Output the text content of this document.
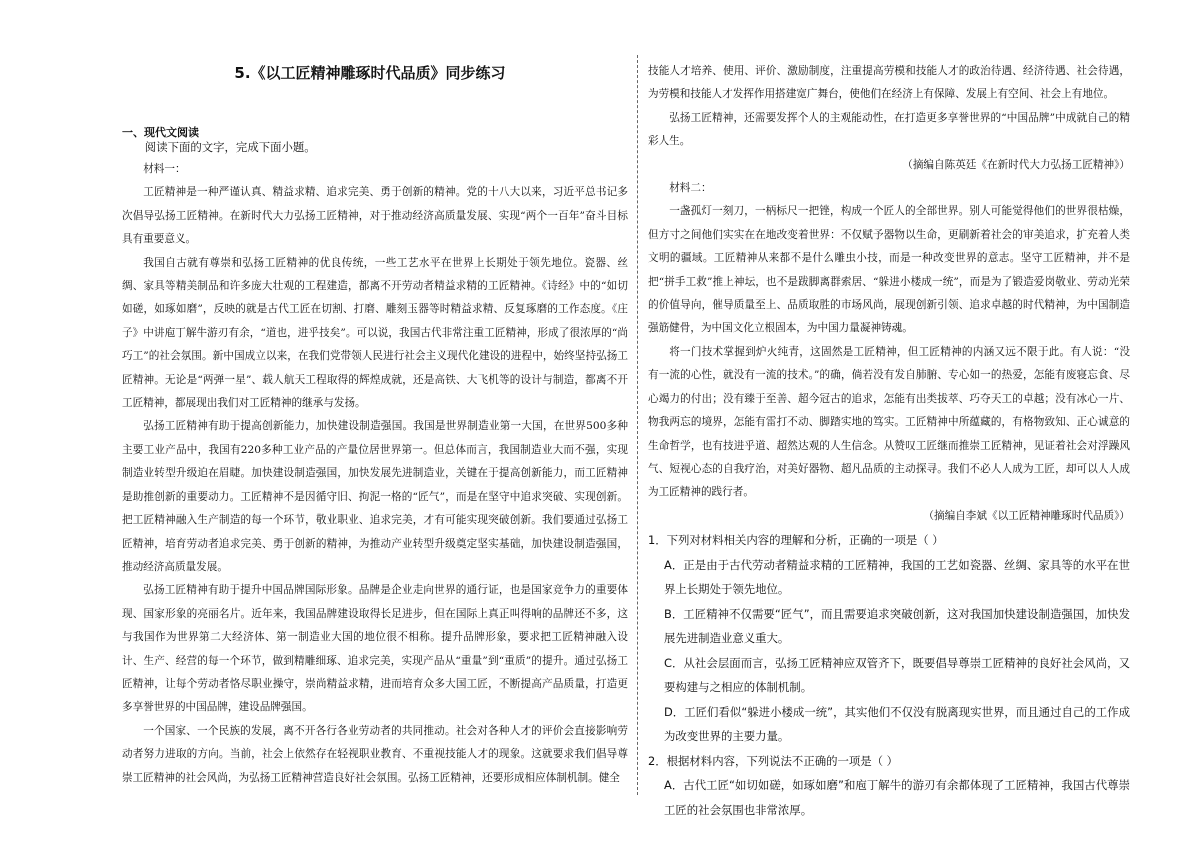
5.《以工匠精神雕琢时代品质》同步练习
一、现代文阅读

阅读下面的文字，完成下面小题。

材料一：

工匠精神是一种严谨认真、精益求精、追求完美、勇于创新的精神。党的十八大以来，习近平总书记多次倡导弘扬工匠精神。在新时代大力弘扬工匠精神，对于推动经济高质量发展、实现“两个一百年”奋斗目标具有重要意义。

我国自古就有尊崇和弘扬工匠精神的优良传统，一些工艺水平在世界上长期处于领先地位。瓷器、丝绸、家具等精美制品和许多庞大壮观的工程建造，都离不开劳动者精益求精的工匠精神。《诗经》中的“如切如磋，如琢如磨”，反映的就是古代工匠在切割、打磨、雕刻玉器等时精益求精、反复琢磨的工作态度。《庄子》中讲庖丁解牛游刃有余，“道也，进乎技矣”。可以说，我国古代非常注重工匠精神，形成了很浓厚的“尚巧工”的社会氛围。新中国成立以来，在我们党带领人民进行社会主义现代化建设的进程中，始终坚持弘扬工匠精神。无论是“两弹一星”、载人航天工程取得的辉煌成就，还是高铁、大飞机等的设计与制造，都离不开工匠精神，都展现出我们对工匠精神的继承与发扬。

弘扬工匠精神有助于提高创新能力，加快建设制造强国。我国是世界制造业第一大国，在世界500多种主要工业产品中，我国有220多种工业产品的产量位居世界第一。但总体而言，我国制造业大而不强，实现制造业转型升级迫在眉睫。加快建设制造强国，加快发展先进制造业，关键在于提高创新能力，而工匠精神是助推创新的重要动力。工匠精神不是因循守旧、拘泥一格的“匠气”，而是在坚守中追求突破、实现创新。把工匠精神融入生产制造的每一个环节，敬业职业、追求完美，才有可能实现突破创新。我们要通过弘扬工匠精神，培育劳动者追求完美、勇于创新的精神，为推动产业转型升级奠定坚实基础，加快建设制造强国，推动经济高质量发展。

弘扬工匠精神有助于提升中国品牌国际形象。品牌是企业走向世界的通行证，也是国家竞争力的重要体现、国家形象的亮丽名片。近年来，我国品牌建设取得长足进步，但在国际上真正叫得响的品牌还不多，这与我国作为世界第二大经济体、第一制造业大国的地位很不相称。提升品牌形象，要求把工匠精神融入设计、生产、经营的每一个环节，做到精雕细琢、追求完美，实现产品从“重量”到“重质”的提升。通过弘扬工匠精神，让每个劳动者恪尽职业操守，崇尚精益求精，进而培育众多大国工匠，不断提高产品质量，打造更多享誉世界的中国品牌，建设品牌强国。

一个国家、一个民族的发展，离不开各行各业劳动者的共同推动。社会对各种人才的评价会直接影响劳动者努力进取的方向。当前，社会上依然存在轻视职业教育、不重视技能人才的现象。这就要求我们倡导尊崇工匠精神的社会风尚，为弘扬工匠精神营造良好社会氛围。弘扬工匠精神，还要形成相应体制机制。健全

技能人才培养、使用、评价、激励制度，注重提高劳模和技能人才的政治待遇、经济待遇、社会待遇，为劳模和技能人才发挥作用搭建宽广舞台，使他们在经济上有保障、发展上有空间、社会上有地位。

弘扬工匠精神，还需要发挥个人的主观能动性，在打造更多享誉世界的“中国品牌”中成就自己的精彩人生。

（摘编自陈英廷《在新时代大力弘扬工匠精神》）

材料二：

一盏孤灯一刻刀，一柄标尺一把锉，构成一个匠人的全部世界。别人可能觉得他们的世界很枯燥，但方寸之间他们实实在在地改变着世界：不仅赋予器物以生命，更刷新着社会的审美追求，扩充着人类文明的疆域。工匠精神从来都不是什么雕虫小技，而是一种改变世界的意志。坚守工匠精神，并不是把“拼手工救”推上神坛，也不是跋脚离群索居、“躲进小楼成一统”，而是为了锻造爱岗敬业、劳动光荣的价值导向，催导质量至上、品质取胜的市场风尚，展现创新引领、追求卓越的时代精神，为中国制造强筋健骨，为中国文化立根固本，为中国力量凝神铸魂。

将一门技术掌握到炉火纯青，这固然是工匠精神，但工匠精神的内涵又远不限于此。有人说：“没有一流的心性，就没有一流的技术。”的确，倘若没有发自肺腑、专心如一的热爱，怎能有废寝忘食、尽心竭力的付出；没有臻于至善、超今冠古的追求，怎能有出类拔萃、巧夺天工的卓越；没有冰心一片、物我两忘的境界，怎能有雷打不动、脚踏实地的笃实。工匠精神中所蕴藏的，有格物致知、正心诚意的生命哲学，也有技进乎道、超然达观的人生信念。从赞叹工匠继而推崇工匠精神，见证着社会对浮躁风气、短视心态的自我疗治，对美好器物、超凡品质的主动探寻。我们不必人人成为工匠，却可以人人成为工匠精神的践行者。

（摘编自李斌《以工匠精神雕琢时代品质》）

1．下列对材料相关内容的理解和分析，正确的一项是（ ）

A．正是由于古代劳动者精益求精的工匠精神，我国的工艺如瓷器、丝绸、家具等的水平在世界上长期处于领先地位。

B．工匠精神不仅需要“匠气”，而且需要追求突破创新，这对我国加快建设制造强国，加快发展先进制造业意义重大。

C．从社会层面而言，弘扬工匠精神应双管齐下，既要倡导尊崇工匠精神的良好社会风尚，又要构建与之相应的体制机制。

D．工匠们看似“躲进小楼成一统”，其实他们不仅没有脱离现实世界，而且通过自己的工作成为改变世界的主要力量。

2．根据材料内容，下列说法不正确的一项是（ ）

A．古代工匠“如切如磋，如琢如磨”和庖丁解牛的游刃有余都体现了工匠精神，我国古代尊崇工匠的社会氛围也非常浓厚。
